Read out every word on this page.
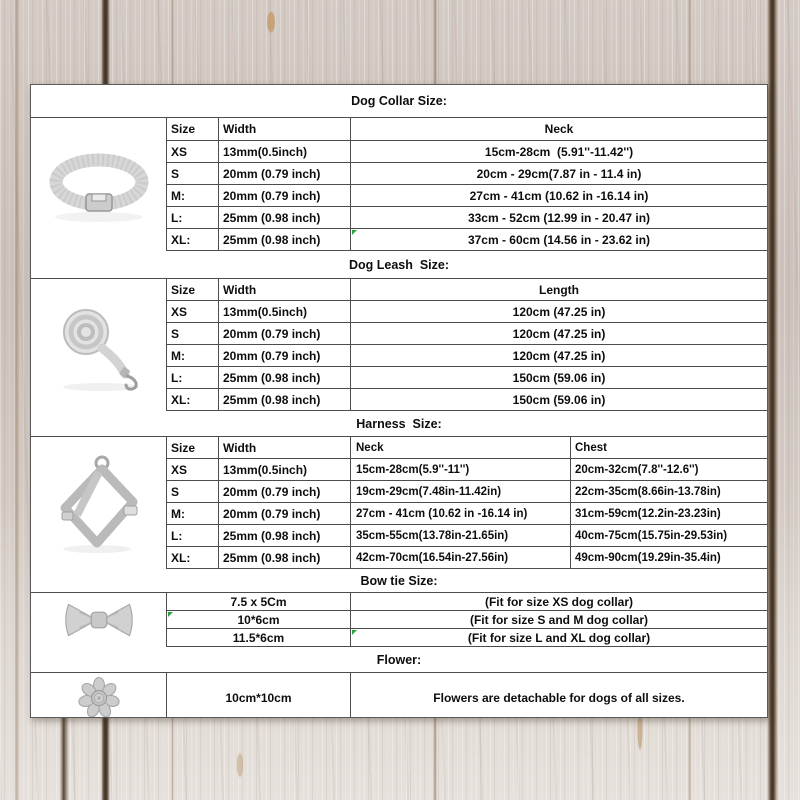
Dog Collar Size:
Size	Width	Neck
XS	13mm(0.5inch)	15cm-28cm  (5.91''-11.42'')
S	20mm (0.79 inch)	20cm - 29cm(7.87 in - 11.4 in)
M:	20mm (0.79 inch)	27cm - 41cm (10.62 in -16.14 in)
L:	25mm (0.98 inch)	33cm - 52cm (12.99 in - 20.47 in)
XL:	25mm (0.98 inch)	37cm - 60cm (14.56 in - 23.62 in)
Dog Leash  Size:
Size	Width	Length
XS	13mm(0.5inch)	120cm (47.25 in)
S	20mm (0.79 inch)	120cm (47.25 in)
M:	20mm (0.79 inch)	120cm (47.25 in)
L:	25mm (0.98 inch)	150cm (59.06 in)
XL:	25mm (0.98 inch)	150cm (59.06 in)
Harness  Size:
Size	Width	Neck	Chest
XS	13mm(0.5inch)	15cm-28cm(5.9''-11'')	20cm-32cm(7.8''-12.6'')
S	20mm (0.79 inch)	19cm-29cm(7.48in-11.42in)	22cm-35cm(8.66in-13.78in)
M:	20mm (0.79 inch)	27cm - 41cm (10.62 in -16.14 in)	31cm-59cm(12.2in-23.23in)
L:	25mm (0.98 inch)	35cm-55cm(13.78in-21.65in)	40cm-75cm(15.75in-29.53in)
XL:	25mm (0.98 inch)	42cm-70cm(16.54in-27.56in)	49cm-90cm(19.29in-35.4in)
Bow tie Size:
7.5 x 5Cm	(Fit for size XS dog collar)
10*6cm	(Fit for size S and M dog collar)
11.5*6cm	(Fit for size L and XL dog collar)
Flower:
10cm*10cm	Flowers are detachable for dogs of all sizes.
